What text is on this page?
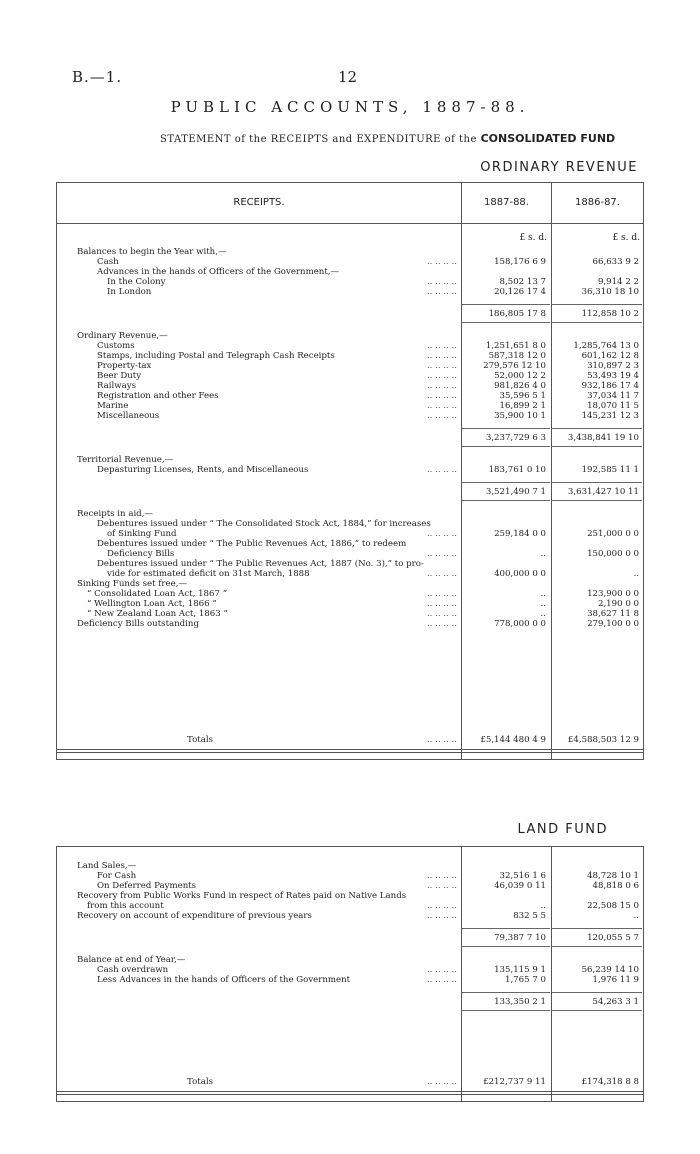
B.—1.	12
PUBLIC ACCOUNTS, 1887-88.
STATEMENT of the RECEIPTS and EXPENDITURE of the CONSOLIDATED FUND
ORDINARY REVENUE
RECEIPTS.	1887-88.	1886-87.
£ s. d.	£ s. d.
Balances to begin the Year with,—
Cash	.. .. .. ..	158,176 6 9	66,633 9 2
Advances in the hands of Officers of the Government,—
In the Colony	.. .. .. ..	8,502 13 7	9,914 2 2
In London	.. .. .. ..	20,126 17 4	36,310 18 10
186,805 17 8	112,858 10 2
Ordinary Revenue,—
Customs	.. .. .. ..	1,251,651 8 0	1,285,764 13 0
Stamps, including Postal and Telegraph Cash Receipts	.. .. .. ..	587,318 12 0	601,162 12 8
Property-tax	.. .. .. ..	279,576 12 10	310,897 2 3
Beer Duty	.. .. .. ..	52,000 12 2	53,493 19 4
Railways	.. .. .. ..	981,826 4 0	932,186 17 4
Registration and other Fees	.. .. .. ..	35,596 5 1	37,034 11 7
Marine	.. .. .. ..	16,899 2 1	18,070 11 5
Miscellaneous	.. .. .. ..	35,900 10 1	145,231 12 3
3,237,729 6 3	3,438,841 19 10
Territorial Revenue,—
Depasturing Licenses, Rents, and Miscellaneous	.. .. .. ..	183,761 0 10	192,585 11 1
3,521,490 7 1	3,631,427 10 11
Receipts in aid,—
Debentures issued under “ The Consolidated Stock Act, 1884,” for increases
of Sinking Fund	.. .. .. ..	259,184 0 0	251,000 0 0
Debentures issued under “ The Public Revenues Act, 1886,” to redeem
Deficiency Bills	.. .. .. ..	..	150,000 0 0
Debentures issued under “ The Public Revenues Act, 1887 (No. 3),” to pro-
vide for estimated deficit on 31st March, 1888	.. .. .. ..	400,000 0 0	..
Sinking Funds set free,—
“ Consolidated Loan Act, 1867 ”	.. .. .. ..	..	123,900 0 0
“ Wellington Loan Act, 1866 ”	.. .. .. ..	..	2,190 0 0
“ New Zealand Loan Act, 1863 ”	.. .. .. ..	..	38,627 11 8
Deficiency Bills outstanding	.. .. .. ..	778,000 0 0	279,100 0 0
Totals	.. .. .. ..	£5,144 480 4 9	£4,588,503 12 9
LAND FUND
Land Sales,—
For Cash	.. .. .. ..	32,516 1 6	48,728 10 1
On Deferred Payments	.. .. .. ..	46,039 0 11	48,818 0 6
Recovery from Public Works Fund in respect of Rates paid on Native Lands
from this account	.. .. .. ..	..	22,508 15 0
Recovery on account of expenditure of previous years	.. .. .. ..	832 5 5	..
79,387 7 10	120,055 5 7
Balance at end of Year,—
Cash overdrawn	.. .. .. ..	135,115 9 1	56,239 14 10
Less Advances in the hands of Officers of the Government	.. .. .. ..	1,765 7 0	1,976 11 9
133,350 2 1	54,263 3 1
Totals	.. .. .. ..	£212,737 9 11	£174,318 8 8
